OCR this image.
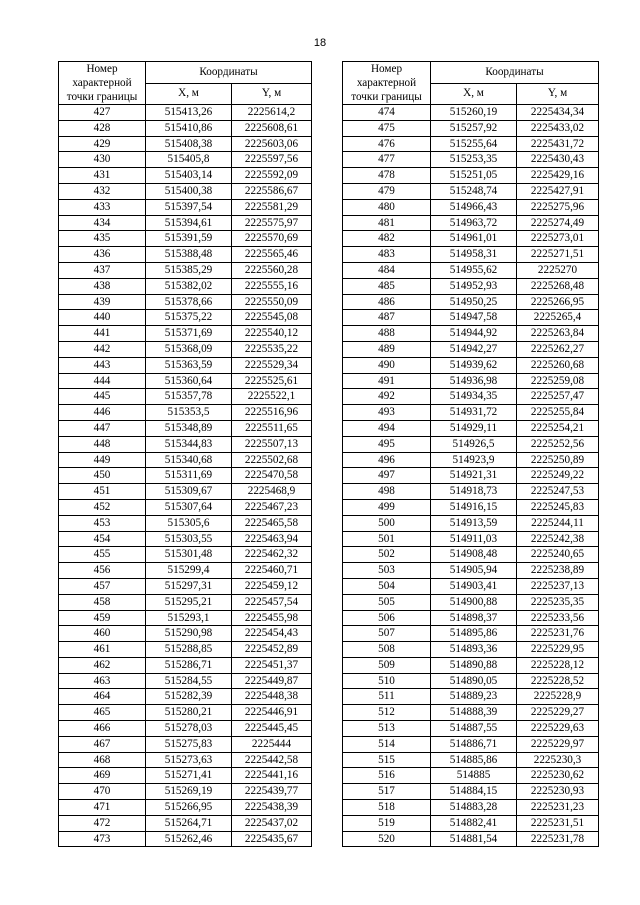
18
Номер характерной точки границы	Координаты	
	X, м	Y, м
427	515413,26	2225614,2
428	515410,86	2225608,61
429	515408,38	2225603,06
430	515405,8	2225597,56
431	515403,14	2225592,09
432	515400,38	2225586,67
433	515397,54	2225581,29
434	515394,61	2225575,97
435	515391,59	2225570,69
436	515388,48	2225565,46
437	515385,29	2225560,28
438	515382,02	2225555,16
439	515378,66	2225550,09
440	515375,22	2225545,08
441	515371,69	2225540,12
442	515368,09	2225535,22
443	515363,59	2225529,34
444	515360,64	2225525,61
445	515357,78	2225522,1
446	515353,5	2225516,96
447	515348,89	2225511,65
448	515344,83	2225507,13
449	515340,68	2225502,68
450	515311,69	2225470,58
451	515309,67	2225468,9
452	515307,64	2225467,23
453	515305,6	2225465,58
454	515303,55	2225463,94
455	515301,48	2225462,32
456	515299,4	2225460,71
457	515297,31	2225459,12
458	515295,21	2225457,54
459	515293,1	2225455,98
460	515290,98	2225454,43
461	515288,85	2225452,89
462	515286,71	2225451,37
463	515284,55	2225449,87
464	515282,39	2225448,38
465	515280,21	2225446,91
466	515278,03	2225445,45
467	515275,83	2225444
468	515273,63	2225442,58
469	515271,41	2225441,16
470	515269,19	2225439,77
471	515266,95	2225438,39
472	515264,71	2225437,02
473	515262,46	2225435,67
Номер характерной точки границы	Координаты	
	X, м	Y, м
474	515260,19	2225434,34
475	515257,92	2225433,02
476	515255,64	2225431,72
477	515253,35	2225430,43
478	515251,05	2225429,16
479	515248,74	2225427,91
480	514966,43	2225275,96
481	514963,72	2225274,49
482	514961,01	2225273,01
483	514958,31	2225271,51
484	514955,62	2225270
485	514952,93	2225268,48
486	514950,25	2225266,95
487	514947,58	2225265,4
488	514944,92	2225263,84
489	514942,27	2225262,27
490	514939,62	2225260,68
491	514936,98	2225259,08
492	514934,35	2225257,47
493	514931,72	2225255,84
494	514929,11	2225254,21
495	514926,5	2225252,56
496	514923,9	2225250,89
497	514921,31	2225249,22
498	514918,73	2225247,53
499	514916,15	2225245,83
500	514913,59	2225244,11
501	514911,03	2225242,38
502	514908,48	2225240,65
503	514905,94	2225238,89
504	514903,41	2225237,13
505	514900,88	2225235,35
506	514898,37	2225233,56
507	514895,86	2225231,76
508	514893,36	2225229,95
509	514890,88	2225228,12
510	514890,05	2225228,52
511	514889,23	2225228,9
512	514888,39	2225229,27
513	514887,55	2225229,63
514	514886,71	2225229,97
515	514885,86	2225230,3
516	514885	2225230,62
517	514884,15	2225230,93
518	514883,28	2225231,23
519	514882,41	2225231,51
520	514881,54	2225231,78
